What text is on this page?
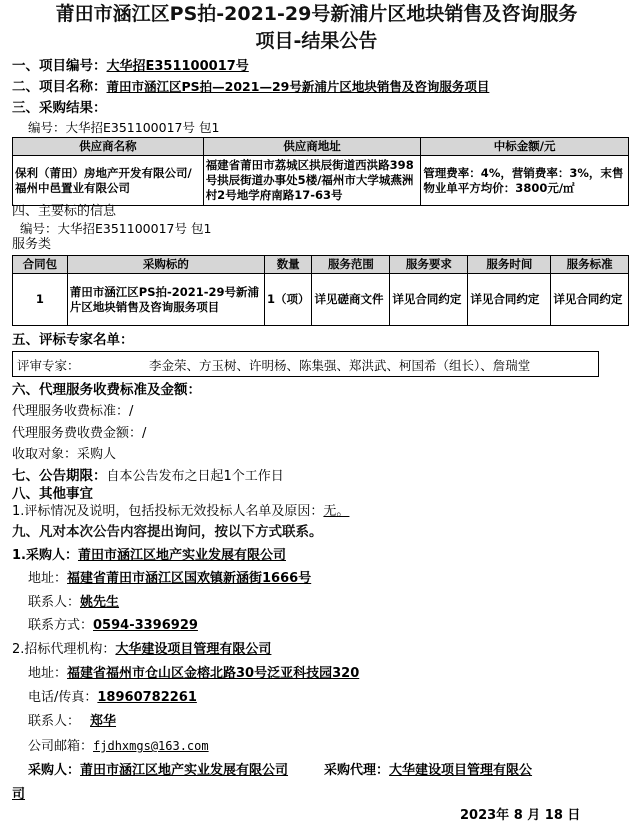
莆田市涵江区PS拍-2021-29号新浦片区地块销售及咨询服务
项目-结果公告
一、项目编号：大华招E351100017号
二、项目名称：莆田市涵江区PS拍—2021—29号新浦片区地块销售及咨询服务项目
三、采购结果：
编号：大华招E351100017号 包1
供应商名称	供应商地址	中标金额/元
保利（莆田）房地产开发有限公司/福州中邑置业有限公司	福建省莆田市荔城区拱辰街道西洪路398号拱辰街道办事处5楼/福州市大学城燕洲村2号地学府南路17-63号	管理费率：4%，营销费率：3%，末售物业单平方均价：3800元/㎡
四、主要标的信息
编号：大华招E351100017号 包1
服务类
合同包	采购标的	数量	服务范围	服务要求	服务时间	服务标准
1	莆田市涵江区PS拍-2021-29号新浦片区地块销售及咨询服务项目	1（项）	详见磋商文件	详见合同约定	详见合同约定	详见合同约定
五、评标专家名单：
评审专家：	李金荣、方玉树、许明杨、陈集强、郑洪武、柯国希（组长）、詹瑞堂
六、代理服务收费标准及金额：
代理服务收费标准：/
代理服务费收费金额：/
收取对象：采购人
七、公告期限：自本公告发布之日起1个工作日
八、其他事宜
1.评标情况及说明，包括投标无效投标人名单及原因：无。
九、凡对本次公告内容提出询问，按以下方式联系。
1.采购人：莆田市涵江区地产实业发展有限公司
地址：福建省莆田市涵江区国欢镇新涵街1666号
联系人：姚先生
联系方式：0594-3396929
2.招标代理机构：大华建设项目管理有限公司
地址：福建省福州市仓山区金榕北路30号泛亚科技园320
电话/传真：18960782261
联系人： 郑华
公司邮箱：fjdhxmgs@163.com
采购人：莆田市涵江区地产实业发展有限公司	采购代理：大华建设项目管理有限公
司
2023年 8 月 18 日
